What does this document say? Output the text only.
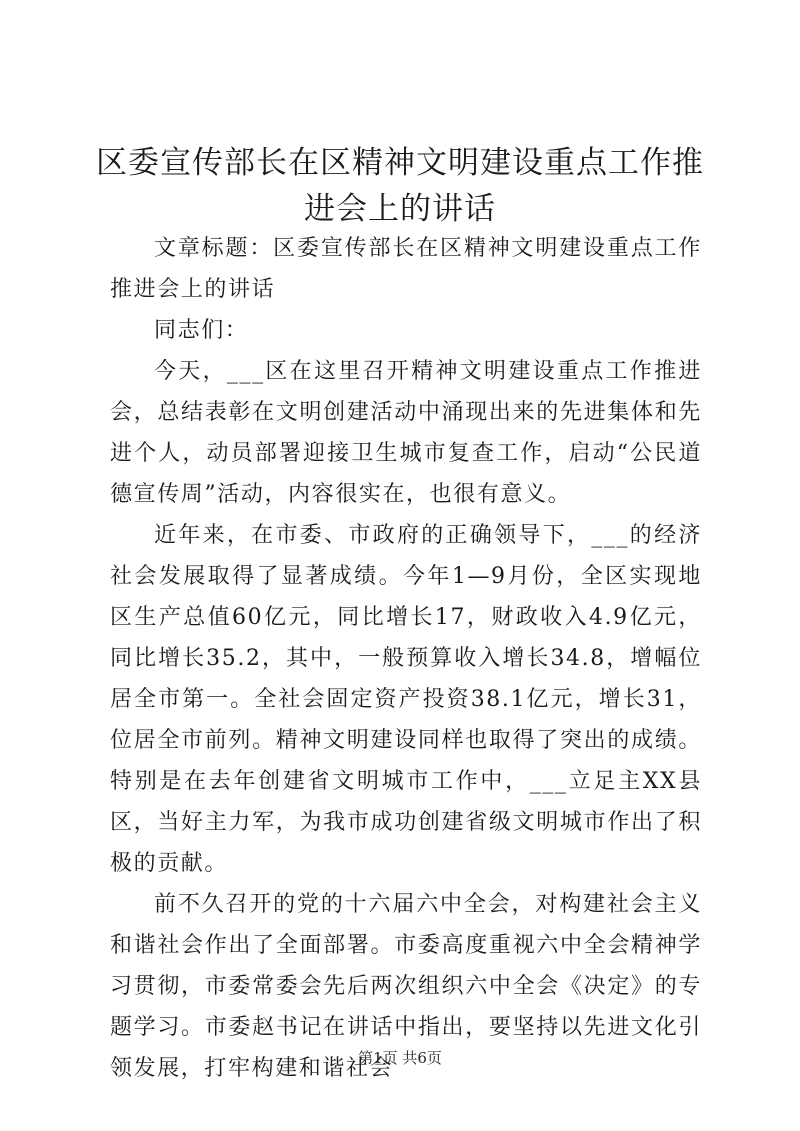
区委宣传部长在区精神文明建设重点工作推进会上的讲话

文章标题：区委宣传部长在区精神文明建设重点工作推进会上的讲话

同志们：

今天，___区在这里召开精神文明建设重点工作推进会，总结表彰在文明创建活动中涌现出来的先进集体和先进个人，动员部署迎接卫生城市复查工作，启动“公民道德宣传周”活动，内容很实在，也很有意义。

近年来，在市委、市政府的正确领导下，___的经济社会发展取得了显著成绩。今年1—9月份，全区实现地区生产总值60亿元，同比增长17，财政收入4.9亿元，同比增长35.2，其中，一般预算收入增长34.8，增幅位居全市第一。全社会固定资产投资38.1亿元，增长31，位居全市前列。精神文明建设同样也取得了突出的成绩。特别是在去年创建省文明城市工作中，___立足主XX县区，当好主力军，为我市成功创建省级文明城市作出了积极的贡献。

前不久召开的党的十六届六中全会，对构建社会主义和谐社会作出了全面部署。市委高度重视六中全会精神学习贯彻，市委常委会先后两次组织六中全会《决定》的专题学习。市委赵书记在讲话中指出，要坚持以先进文化引领发展，打牢构建和谐社会

第1页 共6页
